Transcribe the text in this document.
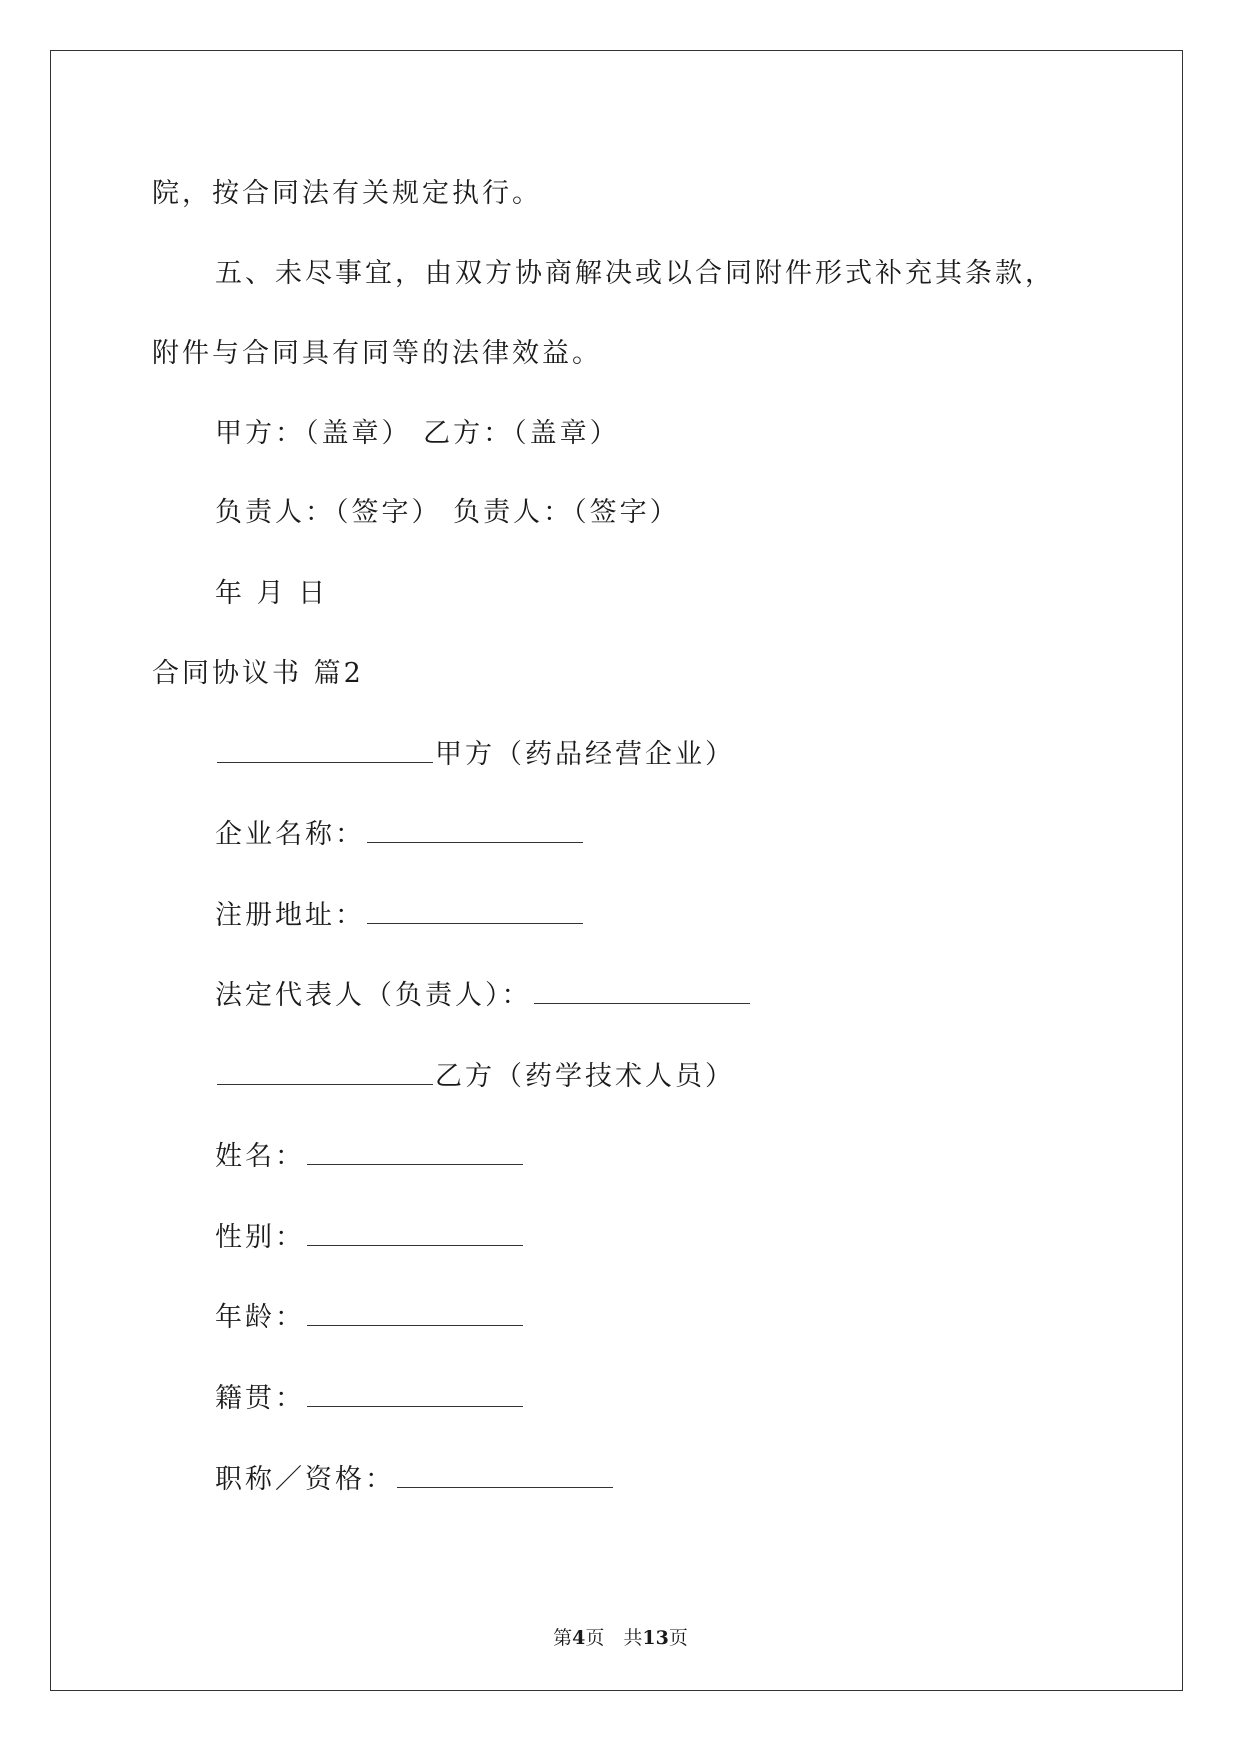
院，按合同法有关规定执行。
五、未尽事宜，由双方协商解决或以合同附件形式补充其条款，
附件与合同具有同等的法律效益。
甲方：（盖章） 乙方：（盖章）
负责人：（签字） 负责人：（签字）
年 月 日
合同协议书 篇2
甲方（药品经营企业）
企业名称：
注册地址：
法定代表人（负责人）：
乙方（药学技术人员）
姓名：
性别：
年龄：
籍贯：
职称／资格：
第4页　共13页
